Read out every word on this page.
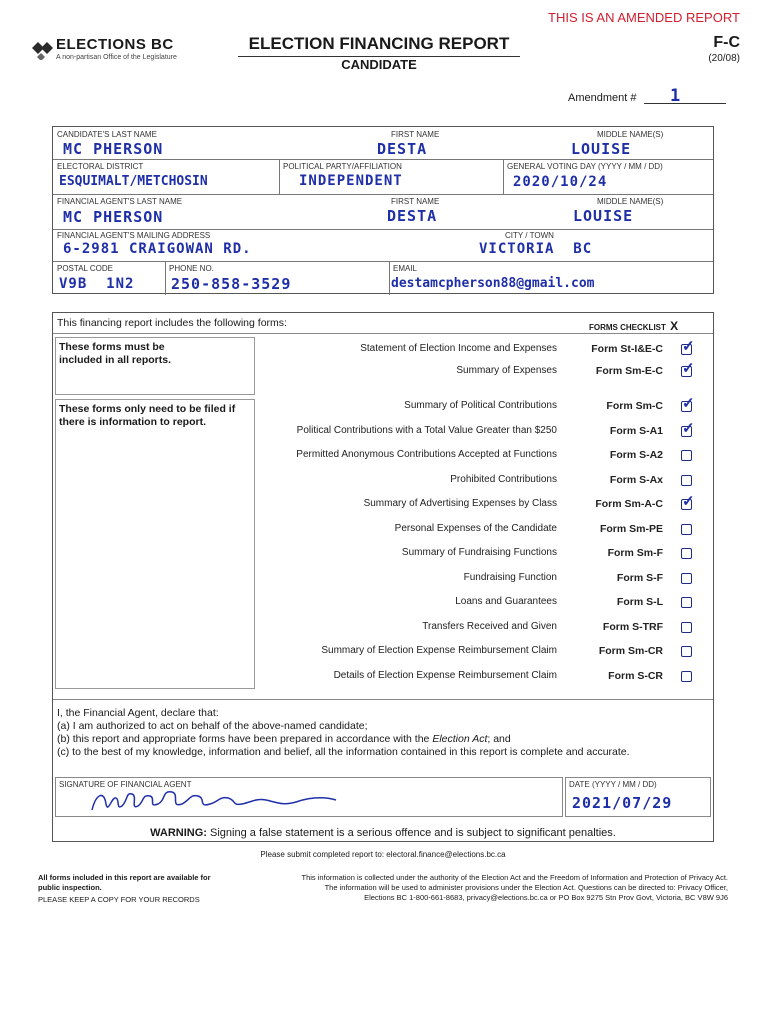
THIS IS AN AMENDED REPORT
ELECTIONS BC
A non-partisan Office of the Legislature
ELECTION FINANCING REPORT
CANDIDATE
F-C
(20/08)
Amendment # 1
CANDIDATE'S LAST NAME
MC PHERSON
FIRST NAME
DESTA
MIDDLE NAME(S)
LOUISE
ELECTORAL DISTRICT
ESQUIMALT/METCHOSIN
POLITICAL PARTY/AFFILIATION
INDEPENDENT
GENERAL VOTING DAY (YYYY / MM / DD)
2020/10/24
FINANCIAL AGENT'S LAST NAME
MC PHERSON
FIRST NAME
DESTA
MIDDLE NAME(S)
LOUISE
FINANCIAL AGENT'S MAILING ADDRESS
6-2981 CRAIGOWAN RD.
CITY / TOWN
VICTORIA  BC
POSTAL CODE
V9B  1N2
PHONE NO.
250-858-3529
EMAIL
destamcpherson88@gmail.com
This financing report includes the following forms:	FORMS CHECKLIST X
These forms must be included in all reports.
These forms only need to be filed if there is information to report.
I, the Financial Agent, declare that:
(a) I am authorized to act on behalf of the above-named candidate;
(b) this report and appropriate forms have been prepared in accordance with the Election Act; and
(c) to the best of my knowledge, information and belief, all the information contained in this report is complete and accurate.
SIGNATURE OF FINANCIAL AGENT	DATE (YYYY / MM / DD)
2021/07/29
WARNING: Signing a false statement is a serious offence and is subject to significant penalties.
Statement of Election Income and Expenses	Form St-I&E-C ✓
Summary of Expenses	Form Sm-E-C ✓
Summary of Political Contributions	Form Sm-C ✓
Political Contributions with a Total Value Greater than $250	Form S-A1 ✓
Permitted Anonymous Contributions Accepted at Functions	Form S-A2
Prohibited Contributions	Form S-Ax
Summary of Advertising Expenses by Class	Form Sm-A-C ✓
Personal Expenses of the Candidate	Form Sm-PE
Summary of Fundraising Functions	Form Sm-F
Fundraising Function	Form S-F
Loans and Guarantees	Form S-L
Transfers Received and Given	Form S-TRF
Summary of Election Expense Reimbursement Claim	Form Sm-CR
Details of Election Expense Reimbursement Claim	Form S-CR
Please submit completed report to: electoral.finance@elections.bc.ca
All forms included in this report are available for public inspection.
PLEASE KEEP A COPY FOR YOUR RECORDS
This information is collected under the authority of the Election Act and the Freedom of Information and Protection of Privacy Act.
The information will be used to administer provisions under the Election Act. Questions can be directed to: Privacy Officer,
Elections BC 1-800-661-8683, privacy@elections.bc.ca or PO Box 9275 Stn Prov Govt, Victoria, BC V8W 9J6
